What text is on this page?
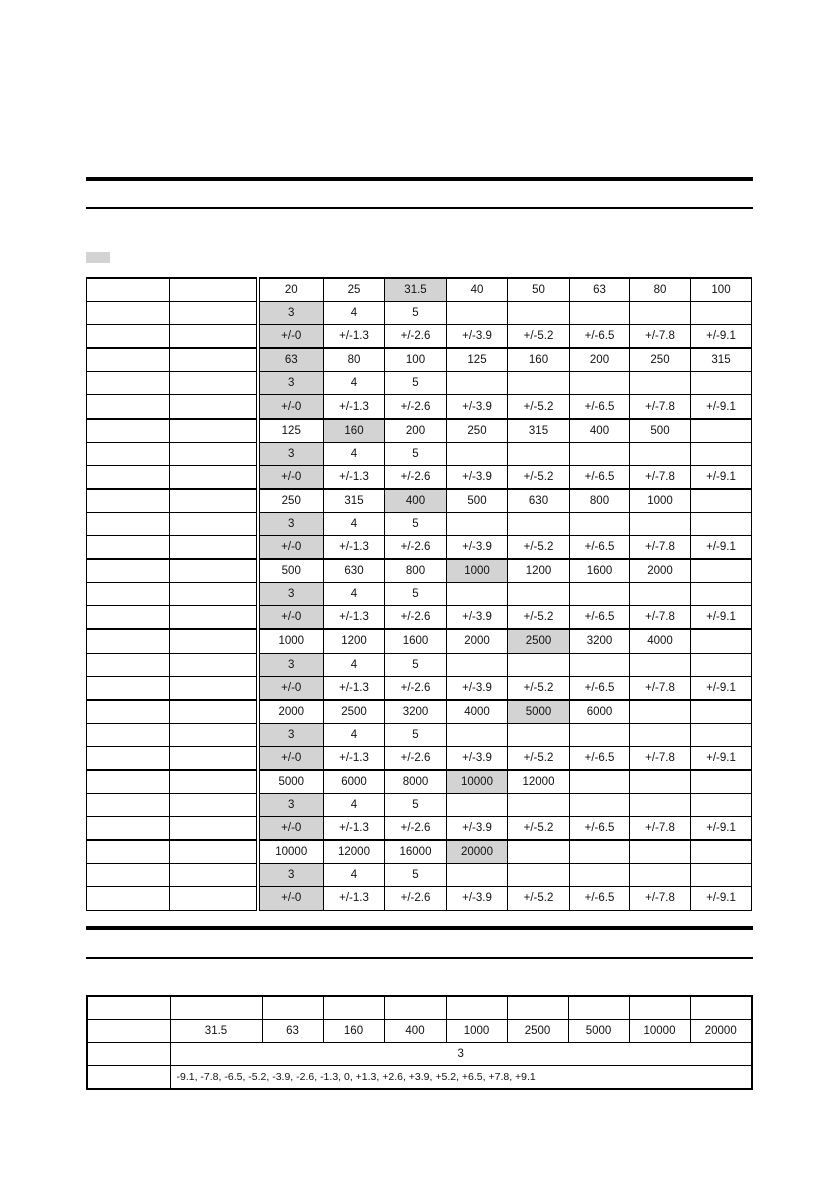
		20	25	31.5	40	50	63	80	100
		3	4	5					
		+/-0	+/-1.3	+/-2.6	+/-3.9	+/-5.2	+/-6.5	+/-7.8	+/-9.1
		63	80	100	125	160	200	250	315
		3	4	5					
		+/-0	+/-1.3	+/-2.6	+/-3.9	+/-5.2	+/-6.5	+/-7.8	+/-9.1
		125	160	200	250	315	400	500	
		3	4	5					
		+/-0	+/-1.3	+/-2.6	+/-3.9	+/-5.2	+/-6.5	+/-7.8	+/-9.1
		250	315	400	500	630	800	1000	
		3	4	5					
		+/-0	+/-1.3	+/-2.6	+/-3.9	+/-5.2	+/-6.5	+/-7.8	+/-9.1
		500	630	800	1000	1200	1600	2000	
		3	4	5					
		+/-0	+/-1.3	+/-2.6	+/-3.9	+/-5.2	+/-6.5	+/-7.8	+/-9.1
		1000	1200	1600	2000	2500	3200	4000	
		3	4	5					
		+/-0	+/-1.3	+/-2.6	+/-3.9	+/-5.2	+/-6.5	+/-7.8	+/-9.1
		2000	2500	3200	4000	5000	6000		
		3	4	5					
		+/-0	+/-1.3	+/-2.6	+/-3.9	+/-5.2	+/-6.5	+/-7.8	+/-9.1
		5000	6000	8000	10000	12000			
		3	4	5					
		+/-0	+/-1.3	+/-2.6	+/-3.9	+/-5.2	+/-6.5	+/-7.8	+/-9.1
		10000	12000	16000	20000				
		3	4	5					
		+/-0	+/-1.3	+/-2.6	+/-3.9	+/-5.2	+/-6.5	+/-7.8	+/-9.1

	31.5	63	160	400	1000	2500	5000	10000	20000
	3								
	-9.1, -7.8, -6.5, -5.2, -3.9, -2.6, -1.3, 0, +1.3, +2.6, +3.9, +5.2, +6.5, +7.8, +9.1								
